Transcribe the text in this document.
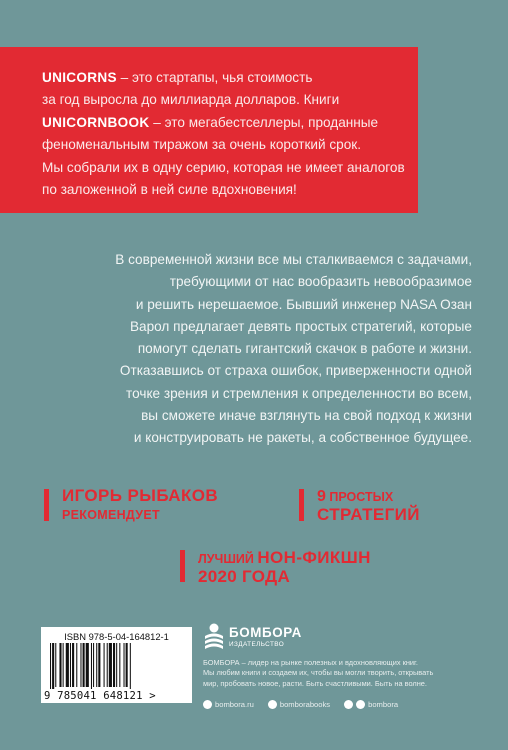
UNICORNS – это стартапы, чья стоимость
за год выросла до миллиарда долларов. Книги
UNICORNBOOK – это мегабестселлеры, проданные
феноменальным тиражом за очень короткий срок.
Мы собрали их в одну серию, которая не имеет аналогов
по заложенной в ней силе вдохновения!

В современной жизни все мы сталкиваемся с задачами,

требующими от нас вообразить невообразимое

и решить нерешаемое. Бывший инженер NASA Озан

Варол предлагает девять простых стратегий, которые

помогут сделать гигантский скачок в работе и жизни.

Отказавшись от страха ошибок, приверженности одной

точке зрения и стремления к определенности во всем,

вы сможете иначе взглянуть на свой подход к жизни

и конструировать не ракеты, а собственное будущее.

ИГОРЬ РЫБАКОВ
РЕКОМЕНДУЕТ
9 ПРОСТЫХ
СТРАТЕГИЙ
ЛУЧШИЙ НОН-ФИКШН
2020 ГОДА
ISBN 978-5-04-164812-1
9 785041 648121 >
БОМБОРА
ИЗДАТЕЛЬСТВО

БОМБОРА – лидер на рынке полезных и вдохновляющих книг.

Мы любим книги и создаем их, чтобы вы могли творить, открывать

мир, пробовать новое, расти. Быть счастливыми. Быть на волне.

bombora.ru	bomborabooks	bombora
